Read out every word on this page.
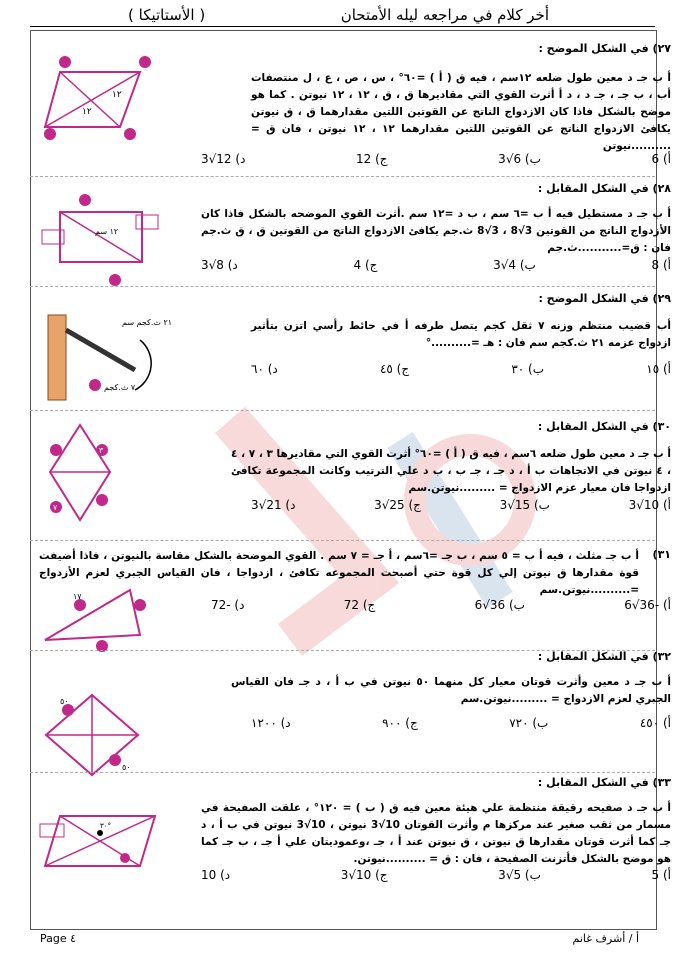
أخر كلام في مراجعه ليله الأمتحان
( الأستاتيكا )
٢٧) في الشكل الموضح :
أ ب جـ د معين طول ضلعه ١٢سم ، فيه ق ( أ ) =٦٠° ، س ، ص ، ع ، ل منتصفات أب ، ب جـ ، جـ د ، د أ أثرت القوي التي مقاديرها ق ، ق ، ١٢ ، ١٢ نيوتن . كما هو موضح بالشكل فاذا كان الازدواج الناتج عن القوتين اللتين مقدارهما ق ، ق نيوتن يكافئ الازدواج الناتج عن القوتين اللتين مقدارهما ١٢ ، ١٢ نيوتن ، فان ق = ..........نيوتن
١٢
١٢
أ) 6
ب) 6√3
ج) 12
د) 12√3
٢٨) في الشكل المقابل :
أ ب جـ د مستطيل فيه أ ب =٦ سم ، ب د =١٢ سم .أثرت القوي الموضحه بالشكل فاذا كان الأزدواج الناتج من القوتين 3√8 ، 3√8 ث.جم يكافئ الازدواج الناتج من القوتين ق ، ق ث.جم فان : ق=...........ث.جم
١٢ سم
أ) 8
ب) 4√3
ج) 4
د) 8√3
٢٩) في الشكل الموضح :
أب قضيب منتظم وزنه ٧ ثقل كجم يتصل طرفه أ في حائط رأسي اتزن بتأثير ازدواج عزمه ٢١ ث.كجم سم فان : هـ =..........°
٢١ ث.كجم سم
٧ ث.كجم
أ) ١٥
ب) ٣٠
ج) ٤٥
د) ٦٠
٣٠) في الشكل المقابل :
أ ب جـ د معين طول ضلعه ٦سم ، فيه ق ( أ ) =٦٠° أثرت القوي التي مقاديرها ٣ ، ٧ ، ٤ ، ٤ نيوتن في الاتجاهات ب أ ، د جـ ، جـ ب ، ب د علي الترتيب وكانت المجموعة تكافئ ازدواجا فان معيار عزم الازدواج = .........نيوتن.سم
٣
٧	أ) 10√3
ب) 15√3
ج) 25√3
د) 21√3
٣١)
أ ب جـ مثلث ، فيه أ ب = ٥ سم ، ب جـ =٦سم ، أ جـ = ٧ سم . القوي الموضحة بالشكل مقاسة بالنيوتن ، فاذا أضيفت قوة مقدارها ق نيوتن إلي كل قوة حتي أصبحت المجموعه تكافئ ، ازدواجا ، فان القياس الجبري لعزم الأزدواج =..........نيوتن.سم
١٧
أ) -36√6
ب) 36√6
ج) 72
د) -72
٣٢) في الشكل المقابل :
أ ب جـ د معين وأثرت قوتان معيار كل منهما ٥٠ نيوتن في ب أ ، د جـ فان القياس الجبري لعزم الازدواج = .........نيوتن.سم
٥٠
٥٠
أ) ٤٥٠
ب) ٧٢٠
ج) ٩٠٠
د) ١٢٠٠
٣٣) في الشكل المقابل :
أ ب جـ د صفيحه رقيقة منتظمة علي هيئة معين فيه ق ( ب ) = ١٢٠° ، علقت الصفيحة في مسمار من ثقب صغير عند مركزها م وأثرت القوتان 10√3 نيوتن ، 10√3 نيوتن في ب أ ، د جـ كما أثرت قوتان مقدارها ق نيوتن ، ق نيوتن عند أ ، جـ ،وعموديتان علي أ جـ ، ب جـ كما هو موضح بالشكل فأتزنت الصفيحة ، فان : ق = ..........نيوتن.
٣٠°
أ) 5
ب) 5√3
ج) 10√3
د) 10
Page ٤	أ / أشرف غانم
